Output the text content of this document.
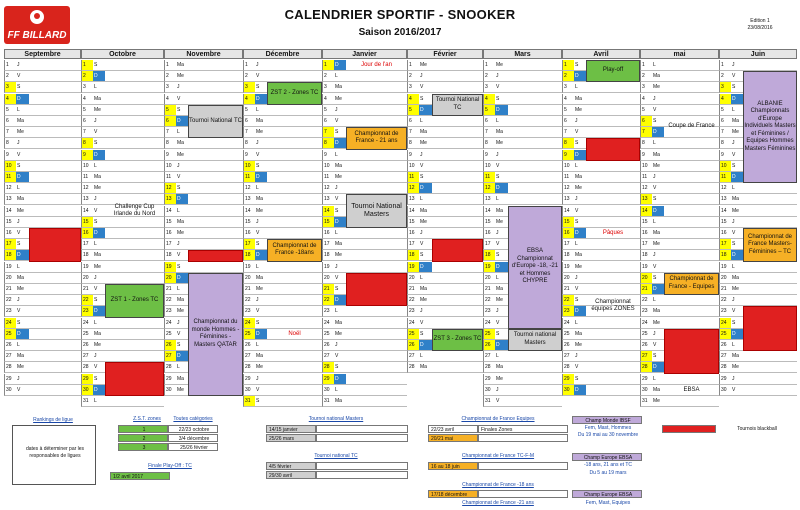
FF BILLARD
CALENDRIER SPORTIF - SNOOKER
Saison 2016/2017
Edition 1
23/08/2016
Septembre
1	J
2	V
3	S
4	D
5	L
6	Ma
7	Me
8	J
9	V
10	S
11	D
12	L
13	Ma
14	Me
15	J
16	V
17	S
18	D
19	L
20	Ma
21	Me
22	J
23	V
24	S
25	D
26	L
27	Ma
28	Me
29	J
30	V
Octobre
1	S
2	D
3	L
4	Ma
5	Me
6	J
7	V
8	S
9	D
10	L
11	Ma
12	Me
13	J
14	V
15	S
16	D
17	L
18	Ma
19	Me
20	J
21	V
22	S
23	D
24	L
25	Ma
26	Me
27	J
28	V
29	S
30	D
31	L
Novembre
1	Ma
2	Me
3	J
4	V
5	S
6	D
7	L
8	Ma
9	Me
10	J
11	V
12	S
13	D
14	L
15	Ma
16	Me
17	J
18	V
19	S
20	D
21	L
22	Ma
23	Me
24	J
25	V
26	S
27	D
28	L
29	Ma
30	Me
Décembre
1	J
2	V
3	S
4	D
5	L
6	Ma
7	Me
8	J
9	V
10	S
11	D
12	L
13	Ma
14	Me
15	J
16	V
17	S
18	D
19	L
20	Ma
21	Me
22	J
23	V
24	S
25	D
26	L
27	Ma
28	Me
29	J
30	V
31	S
Janvier
1	D
2	L
3	Ma
4	Me
5	J
6	V
7	S
8	D
9	L
10	Ma
11	Me
12	J
13	V
14	S
15	D
16	L
17	Ma
18	Me
19	J
20	V
21	S
22	D
23	L
24	Ma
25	Me
26	J
27	V
28	S
29	D
30	L
31	Ma
Février
1	Me
2	J
3	V
4	S
5	D
6	L
7	Ma
8	Me
9	J
10	V
11	S
12	D
13	L
14	Ma
15	Me
16	J
17	V
18	S
19	D
20	L
21	Ma
22	Me
23	J
24	V
25	S
26	D
27	L
28	Ma
Mars
1	Me
2	J
3	V
4	S
5	D
6	L
7	Ma
8	Me
9	J
10	V
11	S
12	D
13	L
14	Ma
15	Me
16	J
17	V
18	S
19	D
20	L
21	Ma
22	Me
23	J
24	V
25	S
26	D
27	L
28	Ma
29	Me
30	J
31	V
Avril
1	S
2	D
3	L
4	Ma
5	Me
6	J
7	V
8	S
9	D
10	L
11	Ma
12	Me
13	J
14	V
15	S
16	D
17	L
18	Ma
19	Me
20	J
21	V
22	S
23	D
24	L
25	Ma
26	Me
27	J
28	V
29	S
30	D
mai
1	L
2	Ma
3	Me
4	J
5	V
6	S
7	D
8	L
9	Ma
10	Me
11	J
12	V
13	S
14	D
15	L
16	Ma
17	Me
18	J
19	V
20	S
21	D
22	L
23	Ma
24	Me
25	J
26	V
27	S
28	D
29	L
30	Ma
31	Me
Juin
1	J
2	V
3	S
4	D
5	L
6	Ma
7	Me
8	J
9	V
10	S
11	D
12	L
13	Ma
14	Me
15	J
16	V
17	S
18	D
19	L
20	Ma
21	Me
22	J
23	V
24	S
25	D
26	L
27	Ma
28	Me
29	J
30	V
Challenge Cup Irlande du Nord
ZST 1 - Zones TC
Tournoi National TC
Championnat du monde Hommes - Féminines - Masters QATAR
ZST 2 - Zones TC
Championnat de France -18ans
Noël
Jour de l'an
Championnat de France - 21 ans
Tournoi National Masters
Tournoi National TC
ZST 3 - Zones TC
EBSA Championnat d'Europe -18, -21 et Hommes CHYPRE
Tournoi national Masters
Play-off
Pâques
Championnat équipes ZONES
Coupe de France
Championnat de France - Equipes
EBSA
ALBANIE Championnats d'Europe Individuels Masters et Féminines / Equipes Hommes Masters Féminines
Championnat de France Masters-Féminines – TC
Rankings de ligue
dates à déterminer par les responsables de ligues
Z.S.T. zones	Toutes catégories
1	22/23 octobre
2	3/4 décembre
3	25/26 février
Finale Play-Off : TC
1/2 avril 2017
Tournoi national Masters
14/15 janvier
25/26 mars
Tournoi national TC
4/5 février
29/30 avril
Championnat de France Equipes
22/23 avril	Finales Zones
20/21 mai
Championnat de France TC-F-M
16 au 18 juin
Championnat de France -18 ans
17/18 décembre
Championnat de France -21 ans
Champ Monde IBSF
Fem, Mast, Hommes
Du 19 mai au 30 novembre
Champ Europe EBSA
-18 ans, 21 ans et TC
Du 5 au 19 mars
Champ Europe EBSA
Fem, Mast, Equipes
Tournois blackball
